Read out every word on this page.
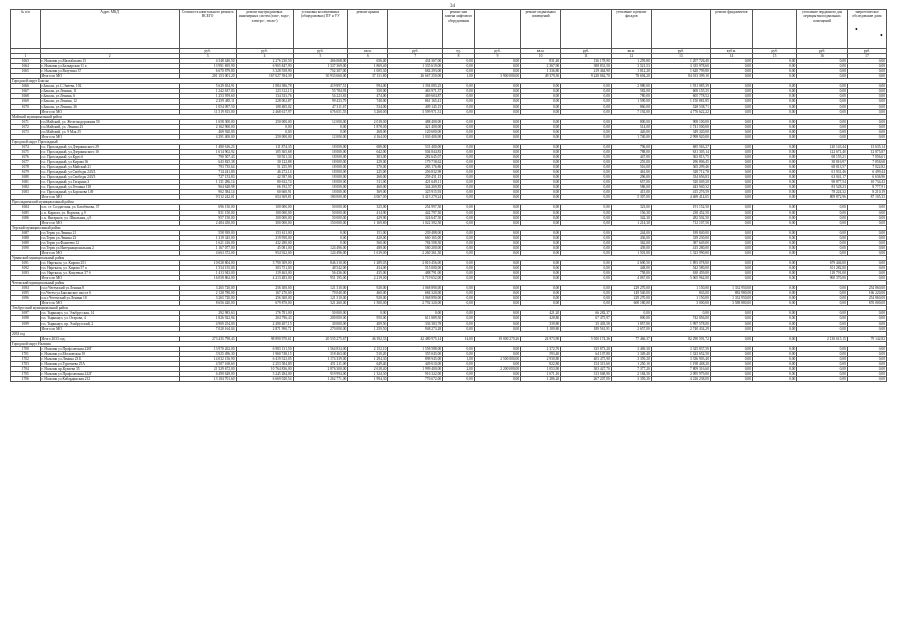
34
•
•
№ п/п	Адрес МКД	Стоимость капитального ремонта ВСЕГО	ремонт внутридомовых инженерных систем (газо-, водо-, электро-, тепло-)	установка коллективных (общедомовых) ПУ и УУ	ремонт крыши		ремонт или замена лифтового оборудования		ремонт подвальных помещений		утепление и ремонт фасадов		ремонт фундаментов		утепление чердачного для перекрытия подвальных помещений	энергетическое обследование дома
		руб.	руб.	руб.	кв.м.	руб.	ед.	руб.	кв.м.	руб.	кв.м.	руб.	куб.м.	руб.	руб.	руб.
1	2	3	4	5	6	7	8	9	10	11	12	13	14	15	16	17
1663	г. Нальчик ул.Малыбахова 15	4 548 440,50	2 276 230,50	466 068,00	656,40	434 367,00	0,00	0,00	831,40	136 178,90	1 259,80	1 207 726,40	0,00	0,00	0,00	0,00
1664	г. Нальчик ул.Балкарская 11 а	13 991 695,90	6 965 847,90	1 337 369,00	1 869,40	1 335 619,00	0,00	0,00	2 367,90	388 831,50	3 521,53	3 335 978,60	0,00	0,00	0,00	0,00
1665	г. Нальчик ул.Ватутина 37	6 670 879,80	3 328 558,90	752 307,00	1 005,30	684 293,00	0,00	0,00	1 336,80	219 464,90	1 812,20	1 620 799,80	0,00	0,00	0,00	0,00
	Итого по МО	201 153 001,20	167 027 394,39	30 933 660,00	37 131,80	26 667 250,00	1,00	3 900 000,00	49 379,50	9 228 062,70	78 694,20	84 013 399,10	0,00	0,00	0,00	0,00
Городской округ Баксан																
1666	г.Баксан, ул.С.Энеева, 102	5 629 654,91	1 884 386,78	419 897,51	994,00	1 394 085,25	0,00	0,00	0,00	0,00	2 980,00	1 931 085,39	0,00	0,00	0,00	0,00
1667	г.Баксан, ул.Ленина, 11	1 242 637,03	123 312,13	55 784,93	350,00	463 971,37	0,00	0,00	0,00	0,00	582,00	600 155,35	0,00	0,00	0,00	0,00
1668	г.Баксан, ул.Ленина, 6	1 253 959,60	134 533,76	54 223,65	474,00	469 604,87	0,00	0,00	0,00	0,00	780,00	605 778,52	0,00	0,00	0,00	0,00
1669	г.Баксан, ул.Ленина, 12	2 259 485,11	228 002,87	99 433,79	740,00	861 165,41	0,00	0,00	0,00	0,00	1 590,00	1 150 881,85	0,00	0,00	0,00	0,00
1670	г.Баксан, ул.Ленина, 26	1 054 097,50	108 485,02	47 311,67	534,00	409 145,15	0,00	0,00	0,00	0,00	860,00	528 538,71	0,00	0,00	0,00	0,00
	Итого по МО	11 519 815,00	2 468 617,97	676 651,55	3 268,00	3 599 971,31	0,00	0,00	0,00	0,00	7 192,00	4 776 622,22	0,00	0,00	0,00	0,00
Майский муниципальный район																
1671	г.п.Майский, ул. Железнодорожная 50	1 658 300,00	250 000,00	12 000,00	2 018,00	488 400,00	0,00	0,00	0,00	0,00	800,00	908 100,00	0,00	0,00	0,00	0,00
1672	г.п.Майский, ул. Ленина 23	2 162 900,00	0,00	0,00	1 878,00	421 400,00	0,00	0,00	0,00	0,00	514,00	1 741 500,00	0,00	0,00	0,00	0,00
1673	г.п.Майский, ул. 9 Мая 25	469 920,00	0,00	0,00	268,00	120 600,00	0,00	0,00	0,00	0,00	426,00	349 320,00	0,00	0,00	0,00	0,00
	Итого по МО	4 291 400,00	250 000,00	12 000,00	4 164,00	1 030 400,00	0,00	0,00	0,00	0,00	1 740,00	2 998 920,00	0,00	0,00	0,00	0,00
Городской округ Прохладный																
1674	г.о. Прохладный, ул.Дзержинского 29	1 480 616,23	111 874,35	18 000,00	680,00	531 400,00	0,00	0,00	0,00	0,00	796,00	685 563,27	0,00	0,00	120 143,44	13 635,14
1675	г.о. Прохладный, ул.Дзержинского 16	1 614 902,92	105 365,68	18 000,00	642,00	504 844,83	0,00	0,00	0,00	0,00	788,00	631 305,14	0,00	0,00	122 671,40	12 875,87
1676	г.о. Прохладный, ул.Круп 6	790 507,43	50 921,34	18 000,00	303,00	282 645,07	0,00	0,00	0,00	0,00	447,00	363 813,75	0,00	0,00	68 155,21	7 056,61
1677	г.о. Прохладный, ул.Кирова 36	643 825,38	30 122,88	18 000,00	229,00	179 718,62	0,00	0,00	0,00	0,00	255,00	296 806,45	0,00	0,00	38 816,97	7 858,68
1678	г.о. Прохладный, ул.Майский 21	793 735,64	51 255,99	18 000,00	370,00	283 176,86	0,00	0,00	0,00	0,00	516,00	365 299,46	0,00	0,00	68 813,57	7 022,82
1679	г.о. Прохладный, ул.Свободы 243/2	714 241,80	46 272,14	18 000,00	225,00	256 832,98	0,00	0,00	0,00	0,00	461,00	328 712,78	0,00	0,00	61 931,46	6 499,44
1680	г.о. Прохладный, ул.Свободы 243/3	727 153,83	42 397,06	18 000,00	260,00	259 431,15	0,00	0,00	0,00	0,00	296,00	334 656,83	0,00	0,00	63 041,17	6 636,96
1681	г.о. Прохладный, ул.Гагарина 3	1 131 286,14	80 632,74	18 000,00	511,00	421 649,11	0,00	0,00	0,00	0,00	657,00	520 049,20	0,00	0,00	98 877,54	10 734,43
1682	г.о. Прохладный, ул.Гетмана 118	964 628,98	66 192,57	18 000,00	460,00	344 269,85	0,00	0,00	0,00	0,00	586,00	443 940,32	0,00	0,00	83 528,23	8 777,91
1683	г.о. Прохладный, ул.Боронова 149	902 384,14	60 660,91	18 000,00	369,00	325 915,93	0,00	0,00	0,00	0,00	415,00	415 276,59	0,00	0,00	78 224,32	8 210,19
	Итого по МО	9 512 242,01	654 369,81	180 000,00	4 067,00	3 415 279,24	0,00	0,00	0,00	0,00	5 307,00	4 469 414,65	0,00	0,00	809 872,96	87 105,33
Прохладненский муниципальный район																
1684	п.п. ст. Солдатская, ул. Батабекова, 37	696 150,00	100 000,00	50 000,00	325,00	254 997,50	0,00	0,00	0,00	0,00	323,00	191 152,50	0,00	0,00	0,00	0,00
1685	с.п. Карагач, ул. Ворзова, д.9	831 150,00	100 000,00	50 000,00	414,90	442 797,50	0,00	0,00	0,00	0,00	156,30	238 452,50	0,00	0,00	0,00	0,00
1686	с.п. Янтарное, ул. Школьная, д.9	957 150,00	100 000,00	50 000,00	429,90	324 647,50	0,00	0,00	0,00	0,00	342,30	282 502,50	0,00	0,00	0,00	0,00
	Итого по МО	2 484 450,00	300 000,00	150 000,00	1 169,80	1 022 392,50	0,00	0,00	0,00	0,00	1 214,30	712 107,50	0,00	0,00	0,00	0,00
Терский муниципальный район																
1687	г.п.Терек ул.Ленина 21	558 939,00	153 611,00	0,00	151,00	239 488,00	0,00	0,00	0,00	0,00	244,00	189 840,00	0,00	0,00	0,00	0,00
1688	г.п.Терек ул.Ленина 23	1 319 345,00	319 950,00	0,00	420,00	660 165,00	0,00	0,00	0,00	0,00	436,00	339 230,00	0,00	0,00	0,00	0,00
1689	г.п.Терек ул.Фанзеева 12	1 621 416,00	432 280,00	0,00	560,00	784 508,50	0,00	0,00	0,00	0,00	362,00	387 649,00	0,00	0,00	0,00	0,00
1690	г.п.Терек ул.Интернациональная 2	1 167 077,00	45 081,00	124 496,00	488,00	580 200,00	0,00	0,00	0,00	0,00	439,00	415 280,00	0,00	0,00	0,00	0,00
	Итого по МО	4 663 372,00	954 922,00	124 496,00	1 619,00	2 260 361,50	0,00	0,00	0,00	0,00	1 501,00	1 323 990,00	0,00	0,00	0,00	0,00
Урванский муниципальный район																
1691	г.п. Нарткала, ул. Кирова 251	10 028 804,00	3 790 309,00	846 310,00	1 289,05	2 810 456,00	0,00	0,00	0,00	0,00	2 690,50	1 893 078,00	0,00	0,00	679 446,00	0,00
1692	г.п. Нарткала, ул. Кирова 57 а	1 534 155,00	303 751,00	48 542,00	434,00	515 000,00	0,00	0,00	0,00	0,00	448,00	542 580,00	0,00	0,00	101 282,00	0,00
1693	г.п. Нарткала, ул. Кокуевых 37 б	1 413 943,00	119 463,00	56 436,00	435,00	488 791,00	0,00	0,00	0,00	0,00	758,00	630 459,00	0,00	0,00	118 791,00	0,00
	Итого по МО	16 058 862,00	4 213 483,00	951 195,00	2 219,00	3 719 652,00	0,00	0,00	0,00	0,00	4 067,00	5 065 962,00	0,00	0,00	900 370,00	0,00
Чегемский муниципальный район																
1694	г.п.г.Чегемский ул.Ленина 8	3 265 720,00	256 300,00	121 310,00	920,00	1 068 890,00	0,00	0,00	0,00	0,00	229 270,00	1 150,00	1 332 950,00	0,00	0,00	254 860,00
1695	г.п.Чегем ул.Баксанское шоссе 6	2 128 780,00	167 270,00	79 040,00	460,00	684 320,00	0,00	0,00	0,00	0,00	149 540,00	843,00	882 980,00	0,00	0,00	166 220,00
1696	п.п.г.Чегемский ул.Ленина 10	3 265 720,00	256 300,00	121 310,00	920,00	1 068 890,00	0,00	0,00	0,00	0,00	229 270,00	1 150,00	1 332 950,00	0,00	0,00	254 860,00
	Итого по МО	8 656 420,00	679 870,00	321 260,00	1 500,00	2 792 320,00	0,00	0,00	0,00	0,00	608 180,00	3 000,00	3 588 880,00	0,00	0,00	676 000,00
Эльбрусский муниципальный район																
1697	г.п. Тырныауз, ул. Эльбрусская, 14	292 983,63	176 781,00	50 000,00	0,00	0,00	0,00	0,00	421,20	66 282,37	0,00	0,00	0,00	0,00	0,00	0,00
1698	г.п. Тырныауз, ул. Отарова, 4	1 826 922,94	204 796,43	200 000,00	950,00	611 889,50	0,00	0,00	428,80	67 475,97	800,00	742 856,00	0,00	0,00	0,00	0,00
1699	г.п. Тырныауз, пр. Эльбрусский, 2	4 900 254,00	2 490 407,15	30 000,00	409,50	336 383,78	0,00	0,00	339,80	35 403,58	1 857,00	1 997 578,00	0,00	0,00	0,00	0,00
	Итого по МО	7 020 164,04	2 871 990,71	270 000,00	1 259,50	948 273,28	0,00	0,00	1 189,80	189 561,91	2 657,00	2 740 434,29	0,00	0,00	0,00	0,00
2033 год																
	Итого 2033 год:	273 435 798,43	98 890 970,61	20 535 275,67	46 392,33	42 480 975,14	14,00	19 000 270,26	24 973,90	5 050 174,36	77 466,37	82 290 591,72	0,00	0,00	2 130 615,15	79 142,82
Городской округ Нальчик																
1700	г. Нальчик ул.Профсоюзная 220Г	13 970 262,00	6 983 131,50	1 564 834,00	2 152,10	1 558 588,00	0,00	0,00	2 372,70	335 873,20	3 469,30	3 325 837,50	0,00	0,00	0,00	0,00
1701	г. Нальчик ул.Московская 10	3 925 496,30	1 960 748,15	318 463,00	510,20	355 045,00	0,00	0,00	593,40	64 107,80	1 349,40	1 323 652,50	0,00	0,00	0,00	0,00
1702	г. Нальчик ул.Ленина 23 Б	14 032 156,90	6 419 523,05	1 174 339,00	1 294,30	898 945,00	1,00	2 500 000,00	2 930,80	403 475,90	3 359,20	3 336 903,40	0,00	0,00	0,00	0,00
1703	г. Нальчик ул.Тургенева 25А	4 507 168,60	2 253 584,80	451 211,00	649,40	449 610,00	0,00	0,00	822,80	154 315,60	1 250,10	1 198 448,20	0,00	0,00	0,00	0,00
1704	г. Нальчик пр.Кулиева 35	21 529 672,00	10 764 836,00	2 876 300,00	2 618,40	1 999 400,00	2,00	2 200 000,00	1 053,90	303 427,70	7 377,20	7 809 316,60	0,00	0,00	0,00	0,00
1705	г. Нальчик ул.Профсоюзная 222Г	6 490 628,00	3 245 284,00	919 994,00	1 324,30	916 322,00	0,00	0,00	1 671,10	313 048,90	2 184,50	2 095 979,00	0,00	0,00	0,00	0,00
1706	г. Нальчик ул.Кабардинская 212	13 184 701,60	6 669 020,54	1 262 771,00	1 994,30	776 672,00	0,00	0,00	1 286,20	267 207,00	3 359,20	4 226 238,00	0,00	0,00	0,00	0,00
